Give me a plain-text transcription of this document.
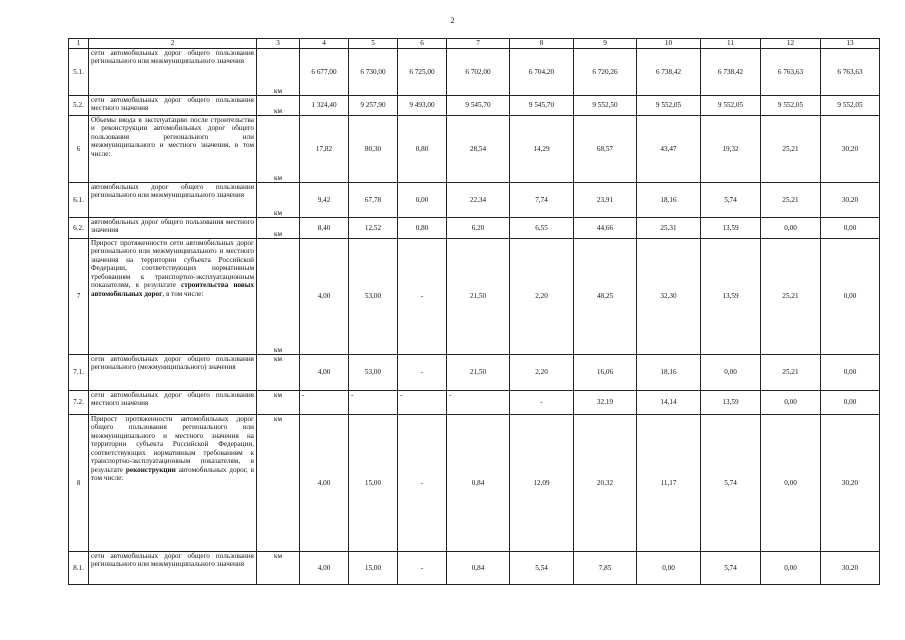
2
1	2	3	4	5	6	7	8	9	10	11	12	13
5.1.	сети автомобильных дорог общего пользования регионального или межмуниципального значения	км	6 677,00	6 730,00	6 725,00	6 702,00	6 704,20	6 720,26	6 738,42	6 738,42	6 763,63	6 763,63
5.2.	сети автомобильных дорог общего пользования местного значения	км	1 324,40	9 257,90	9 493,00	9 545,70	9 545,70	9 552,50	9 552,05	9 552,05	9 552,05	9 552,05
6	Объемы ввода в эксплуатацию после строительства и реконструкции автомобильных дорог общего пользования регионального или межмуниципального и местного значения, в том числе:	км	17,82	80,30	0,80	28,54	14,29	68,57	43,47	19,32	25,21	30,20
6.1.	автомобильных дорог общего пользования регионального или межмуниципального значения	км	9,42	67,78	0,00	22,34	7,74	23,91	18,16	5,74	25,21	30,20
6.2.	автомобильных дорог общего пользования местного значения	км	8,40	12,52	0,80	6,20	6,55	44,66	25,31	13,59	0,00	0,00
7	Прирост протяженности сети автомобильных дорог регионального или межмуниципального и местного значения на территории субъекта Российской Федерации, соответствующих нормативным требованиям к транспортно-эксплуатационным показателям, в результате строительства новых автомобильных дорог, в том числе:	км	4,00	53,00	-	21,50	2,20	48,25	32,30	13,59	25,21	0,00
7.1.	сети автомобильных дорог общего пользования регионального (межмуниципального) значения	км	4,00	53,00	-	21,50	2,20	16,06	18,16	0,00	25,21	0,00
7.2.	сети автомобильных дорог общего пользования местного значения	км	-	-	-	-	-	32,19	14,14	13,59	0,00	0,00
8	Прирост протяженности автомобильных дорог общего пользования регионального или межмуниципального и местного значения на территории субъекта Российской Федерации, соответствующих нормативным требованиям к транспортно-эксплуатационным показателям, в результате реконструкции автомобильных дорог, в том числе:	км	4,00	15,00	-	0,84	12,09	20,32	11,17	5,74	0,00	30,20
8.1.	сети автомобильных дорог общего пользования регионального или межмуниципального значения	км	4,00	15,00	-	0,84	5,54	7,85	0,00	5,74	0,00	30,20
